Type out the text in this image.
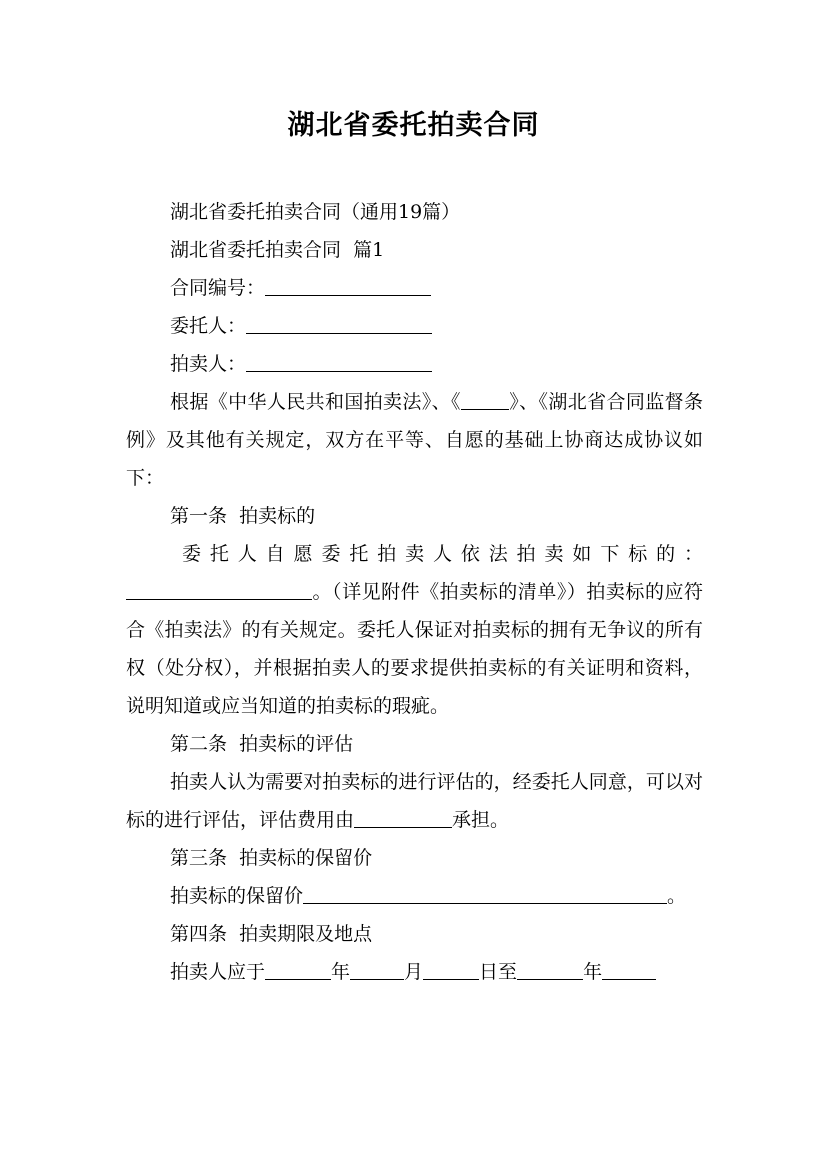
湖北省委托拍卖合同

湖北省委托拍卖合同（通用19篇）

湖北省委托拍卖合同  篇1

合同编号：

委托人：

拍卖人：

根据《中华人民共和国拍卖法》、《	》、《湖北省合同监督条例》及其他有关规定，双方在平等、自愿的基础上协商达成协议如下：

第一条  拍卖标的

委托人自愿委托拍卖人依法拍卖如下标的：

。（详见附件《拍卖标的清单》）拍卖标的应符合《拍卖法》的有关规定。委托人保证对拍卖标的拥有无争议的所有权（处分权），并根据拍卖人的要求提供拍卖标的有关证明和资料，说明知道或应当知道的拍卖标的瑕疵。

第二条  拍卖标的评估

拍卖人认为需要对拍卖标的进行评估的，经委托人同意，可以对标的进行评估，评估费用由	承担。

第三条  拍卖标的保留价

拍卖标的保留价	。

第四条  拍卖期限及地点

拍卖人应于	年	月	日至	年
